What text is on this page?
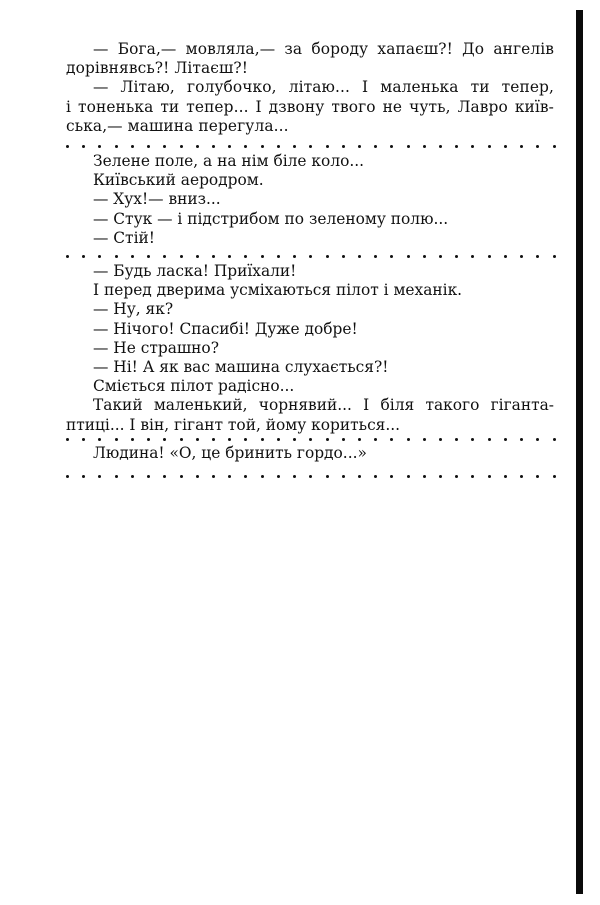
— Бога,— мовляла,— за бороду хапаєш?! До ангелів
дорівнявсь?! Літаєш?!
— Літаю, голубочко, літаю... І маленька ти тепер,
і тоненька ти тепер... І дзвону твого не чуть, Лавро київ-
ська,— машина перегула...
Зелене поле, а на нім біле коло...
Київський аеродром.
— Хух!— вниз...
— Стук — і підстрибом по зеленому полю...
— Стій!
— Будь ласка! Приїхали!
І перед дверима усміхаються пілот і механік.
— Ну, як?
— Нічого! Спасибі! Дуже добре!
— Не страшно?
— Ні! А як вас машина слухається?!
Сміється пілот радісно...
Такий маленький, чорнявий... І біля такого гіганта-
птиці... І він, гігант той, йому кориться...
Людина! «О, це бринить гордо...»
